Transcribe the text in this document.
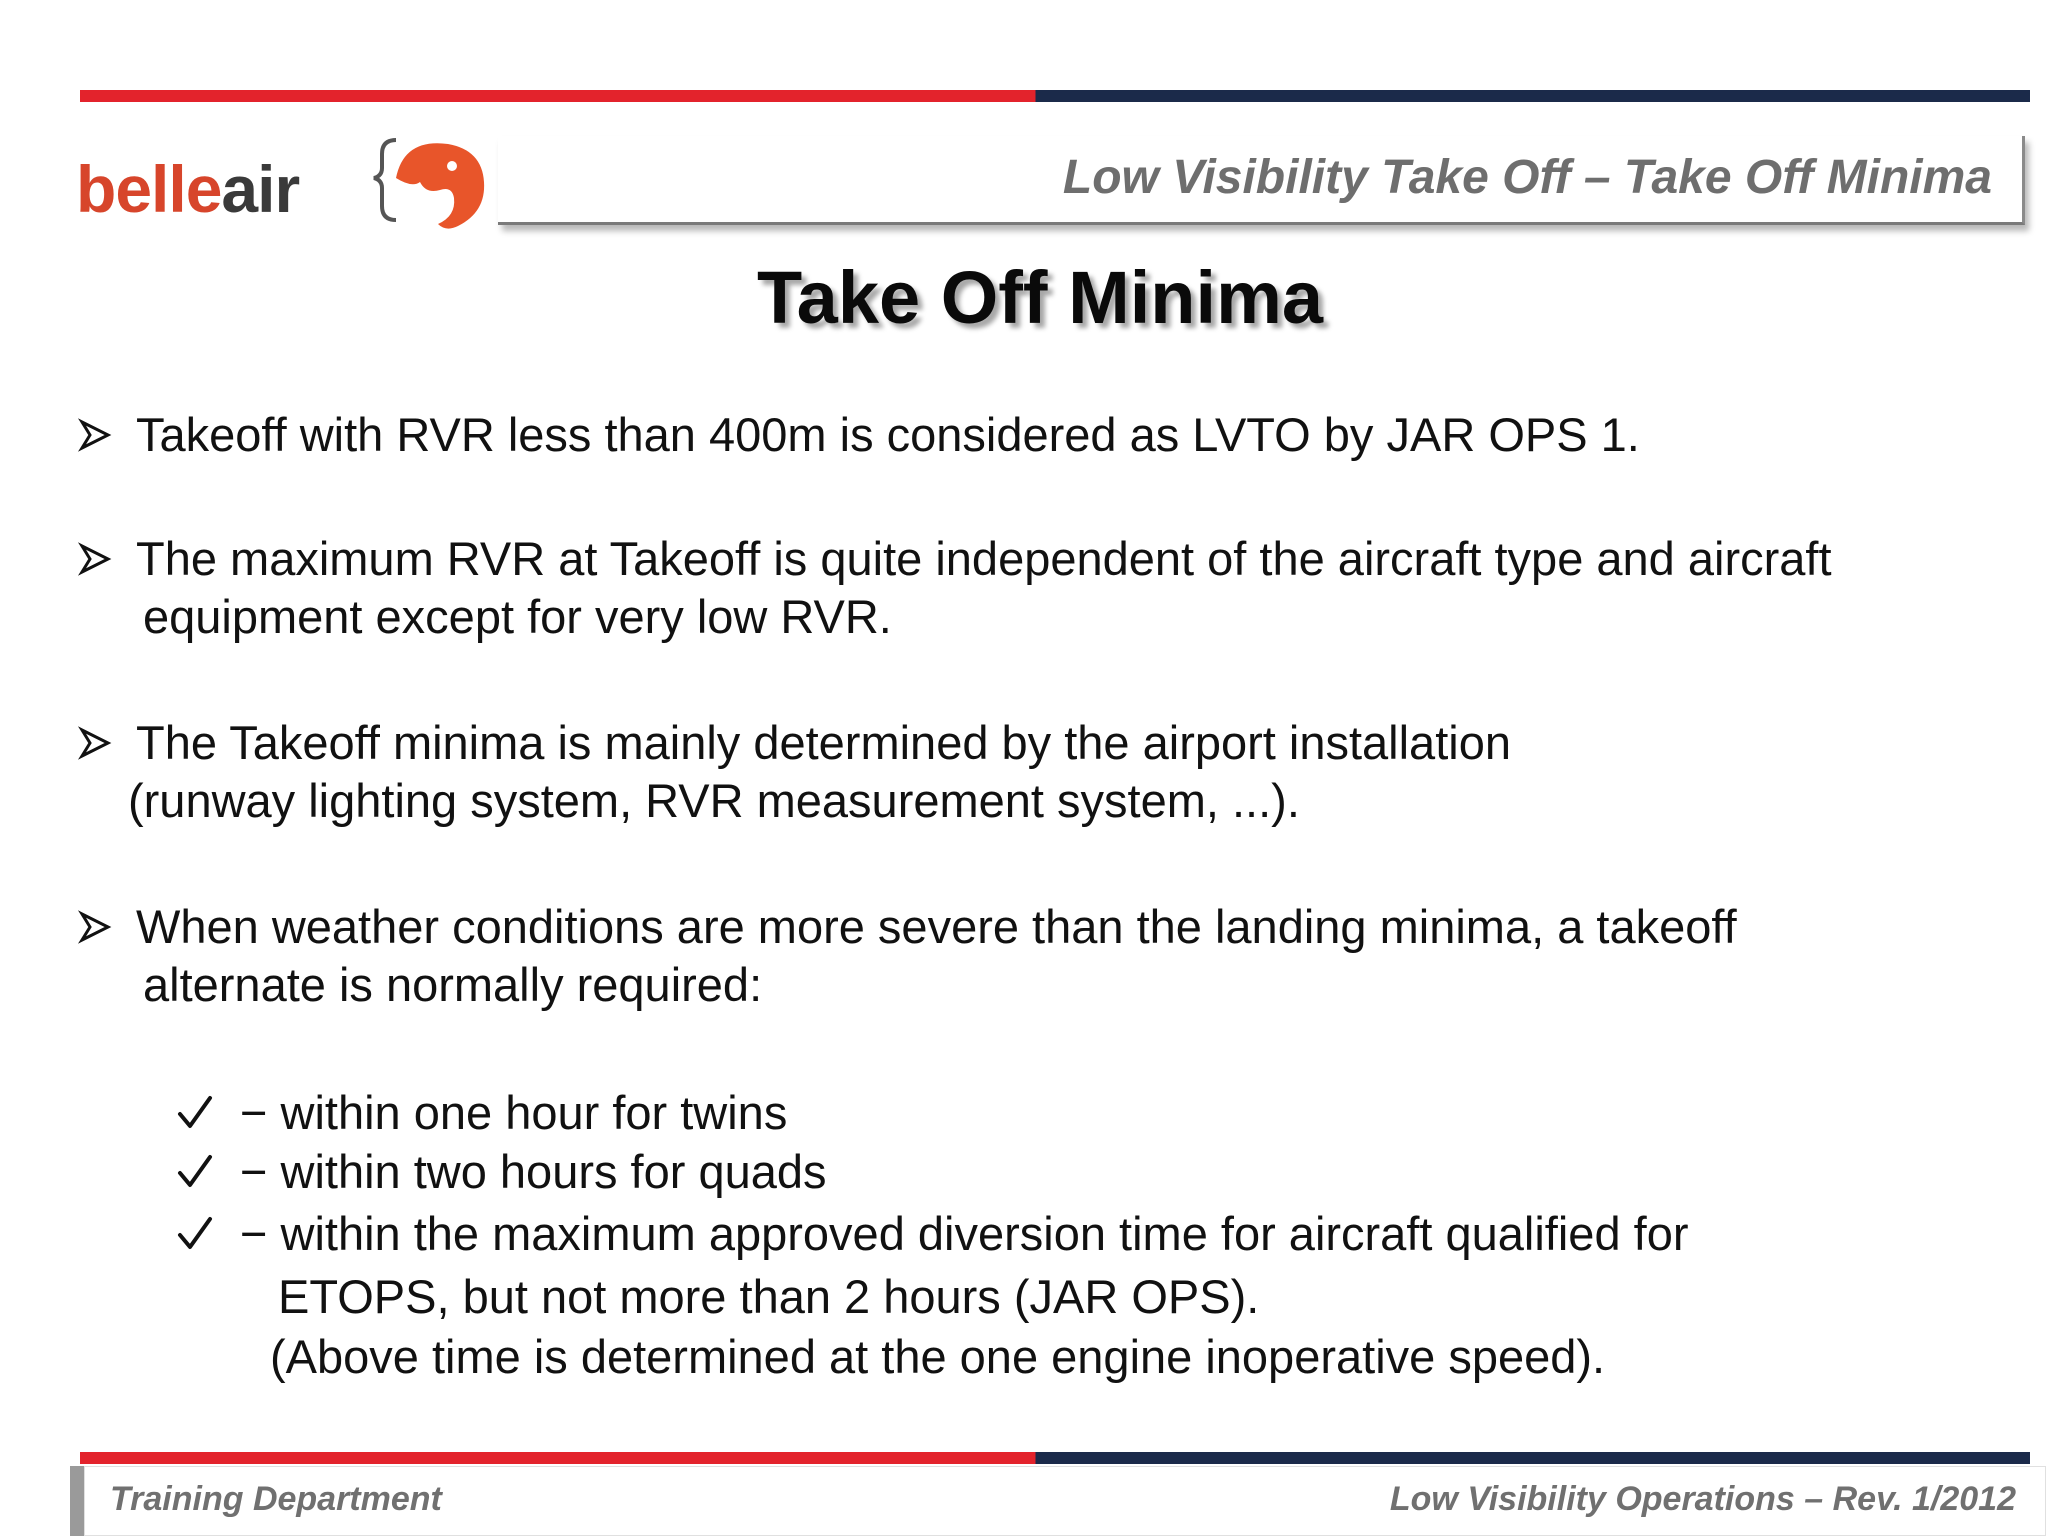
belleair	Low Visibility Take Off – Take Off Minima
Take Off Minima
Takeoff with RVR less than 400m is considered as LVTO by JAR OPS 1.
The maximum RVR at Takeoff is quite independent of the aircraft type and aircraft
equipment except for very low RVR.
The Takeoff minima is mainly determined by the airport installation
(runway lighting system, RVR measurement system, ...).
When weather conditions are more severe than the landing minima, a takeoff
alternate is normally required:
− within one hour for twins
− within two hours for quads
− within the maximum approved diversion time for aircraft qualified for
ETOPS, but not more than 2 hours (JAR OPS).
(Above time is determined at the one engine inoperative speed).
Training Department	Low Visibility Operations – Rev. 1/2012
